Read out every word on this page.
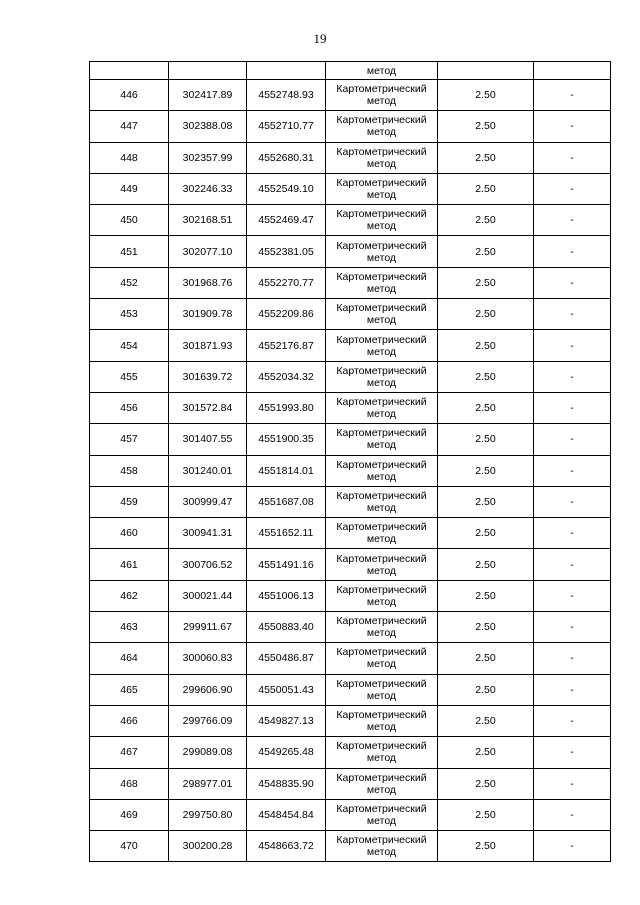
19
			метод		
446	302417.89	4552748.93	Картометрический метод	2.50	-
447	302388.08	4552710.77	Картометрический метод	2.50	-
448	302357.99	4552680.31	Картометрический метод	2.50	-
449	302246.33	4552549.10	Картометрический метод	2.50	-
450	302168.51	4552469.47	Картометрический метод	2.50	-
451	302077.10	4552381.05	Картометрический метод	2.50	-
452	301968.76	4552270.77	Картометрический метод	2.50	-
453	301909.78	4552209.86	Картометрический метод	2.50	-
454	301871.93	4552176.87	Картометрический метод	2.50	-
455	301639.72	4552034.32	Картометрический метод	2.50	-
456	301572.84	4551993.80	Картометрический метод	2.50	-
457	301407.55	4551900.35	Картометрический метод	2.50	-
458	301240.01	4551814.01	Картометрический метод	2.50	-
459	300999.47	4551687.08	Картометрический метод	2.50	-
460	300941.31	4551652.11	Картометрический метод	2.50	-
461	300706.52	4551491.16	Картометрический метод	2.50	-
462	300021.44	4551006.13	Картометрический метод	2.50	-
463	299911.67	4550883.40	Картометрический метод	2.50	-
464	300060.83	4550486.87	Картометрический метод	2.50	-
465	299606.90	4550051.43	Картометрический метод	2.50	-
466	299766.09	4549827.13	Картометрический метод	2.50	-
467	299089.08	4549265.48	Картометрический метод	2.50	-
468	298977.01	4548835.90	Картометрический метод	2.50	-
469	299750.80	4548454.84	Картометрический метод	2.50	-
470	300200.28	4548663.72	Картометрический метод	2.50	-
